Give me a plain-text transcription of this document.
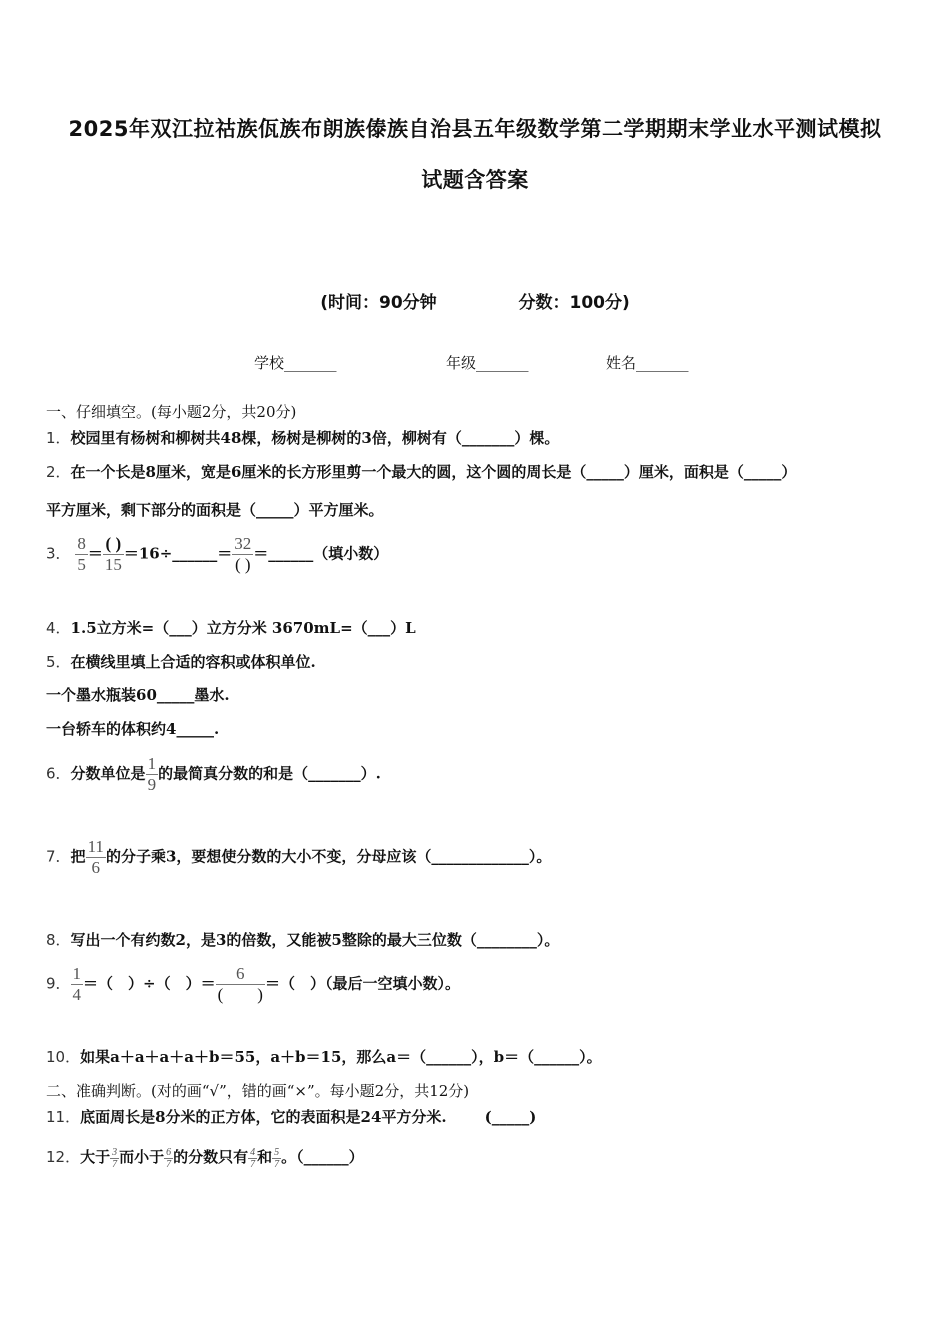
2025年双江拉祜族佤族布朗族傣族自治县五年级数学第二学期期末学业水平测试模拟
试题含答案
(时间：90分钟	分数：100分)
学校_______	年级_______	姓名_______
一、仔细填空。(每小题2分，共20分)
1．校园里有杨树和柳树共48棵，杨树是柳树的3倍，柳树有（_______）棵。
2．在一个长是8厘米，宽是6厘米的长方形里剪一个最大的圆，这个圆的周长是（_____）厘米，面积是（_____）
平方厘米，剩下部分的面积是（_____）平方厘米。
3． $\frac{8}{5} = \frac{( )}{15}$ ＝16÷______＝ $\frac{32}{( )}$ ＝______（填小数）
4．1.5立方米=（___）立方分米 3670mL=（___）L
5．在横线里填上合适的容积或体积单位.
一个墨水瓶装60_____墨水.
一台轿车的体积约4_____.
6．分数单位是 $\frac{1}{9}$ 的最简真分数的和是（_______）.
7．把 $\frac{11}{6}$ 的分子乘3，要想使分数的大小不变，分母应该（_____________）。
8．写出一个有约数2，是3的倍数，又能被5整除的最大三位数（________）。
9． $\frac{1}{4}$ ＝（　）÷（　）＝ $\frac{6}{( )}$ ＝（　）（最后一空填小数）。
10．如果a＋a＋a＋a＋b＝55，a＋b＝15，那么a＝（______），b＝（______）。
二、准确判断。(对的画“√”，错的画“×”。每小题2分，共12分)
11．底面周长是8分米的正方体，它的表面积是24平方分米.	(_____)
12．大于 $\frac{3}{7}$ 而小于 $\frac{6}{7}$ 的分数只有 $\frac{4}{7}$ 和 $\frac{5}{7}$ 。（______）
